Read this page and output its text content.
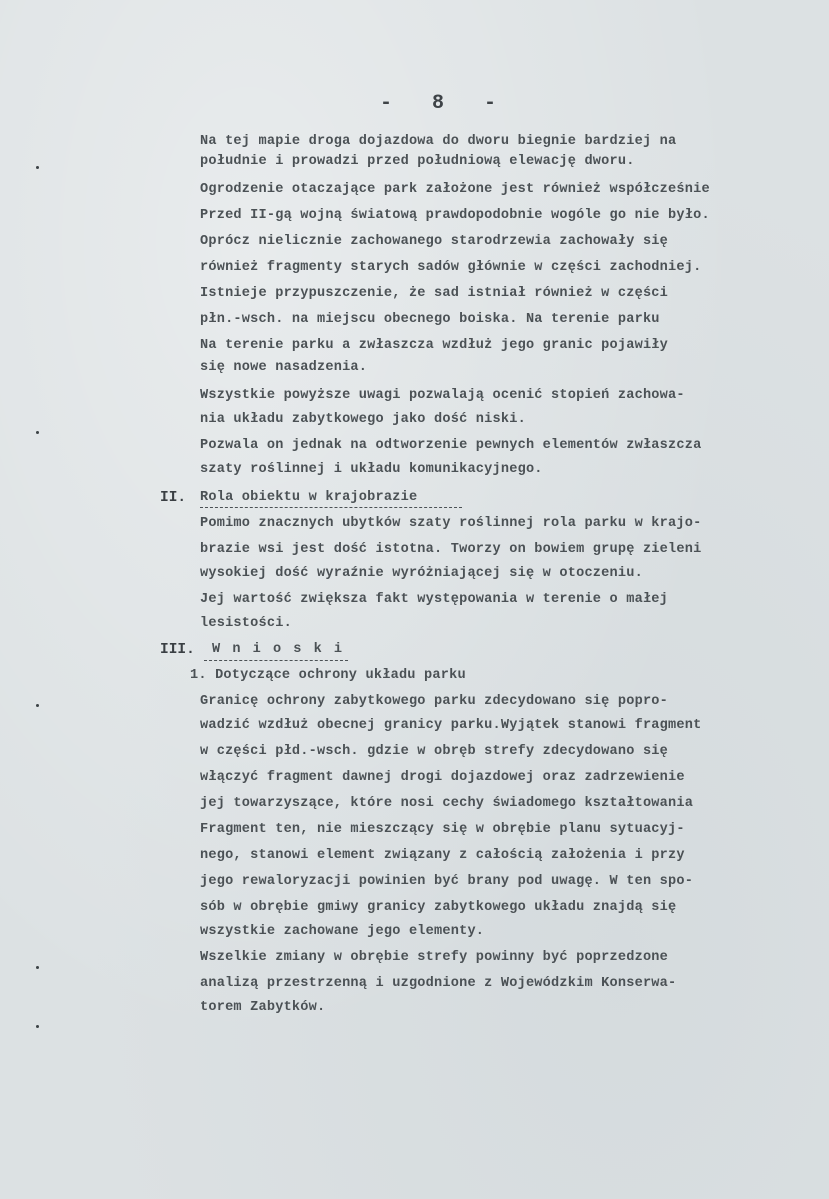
- 8 -
Na tej mapie droga dojazdowa do dworu biegnie bardziej na
południe i prowadzi przed południową elewację dworu.
Ogrodzenie otaczające park założone jest również współcześnie
Przed II-gą wojną światową prawdopodobnie wogóle go nie było.
Oprócz nielicznie zachowanego starodrzewia zachowały się
również fragmenty starych sadów głównie w części zachodniej.
Istnieje przypuszczenie, że sad istniał również w części
płn.-wsch. na miejscu obecnego boiska. Na terenie parku
Na terenie parku a zwłaszcza wzdłuż jego granic pojawiły
się nowe nasadzenia.
Wszystkie powyższe uwagi pozwalają ocenić stopień zachowa-
nia układu zabytkowego jako dość niski.
Pozwala on jednak na odtworzenie pewnych elementów zwłaszcza
szaty roślinnej i układu komunikacyjnego.
II. Rola obiektu w krajobrazie
Pomimo znacznych ubytków szaty roślinnej rola parku w krajo-
brazie wsi jest dość istotna. Tworzy on bowiem grupę zieleni
wysokiej dość wyraźnie wyróżniającej się w otoczeniu.
Jej wartość zwiększa fakt występowania w terenie o małej
lesistości.
III. W n i o s k i
1. Dotyczące ochrony układu parku
Granicę ochrony zabytkowego parku zdecydowano się popro-
wadzić wzdłuż obecnej granicy parku.Wyjątek stanowi fragment
w części płd.-wsch. gdzie w obręb strefy zdecydowano się
włączyć fragment dawnej drogi dojazdowej oraz zadrzewienie
jej towarzyszące, które nosi cechy świadomego kształtowania
Fragment ten, nie mieszczący się w obrębie planu sytuacyj-
nego, stanowi element związany z całością założenia i przy
jego rewaloryzacji powinien być brany pod uwagę. W ten spo-
sób w obrębie gmiwy granicy zabytkowego układu znajdą się
wszystkie zachowane jego elementy.
Wszelkie zmiany w obrębie strefy powinny być poprzedzone
analizą przestrzenną i uzgodnione z Wojewódzkim Konserwa-
torem Zabytków.
